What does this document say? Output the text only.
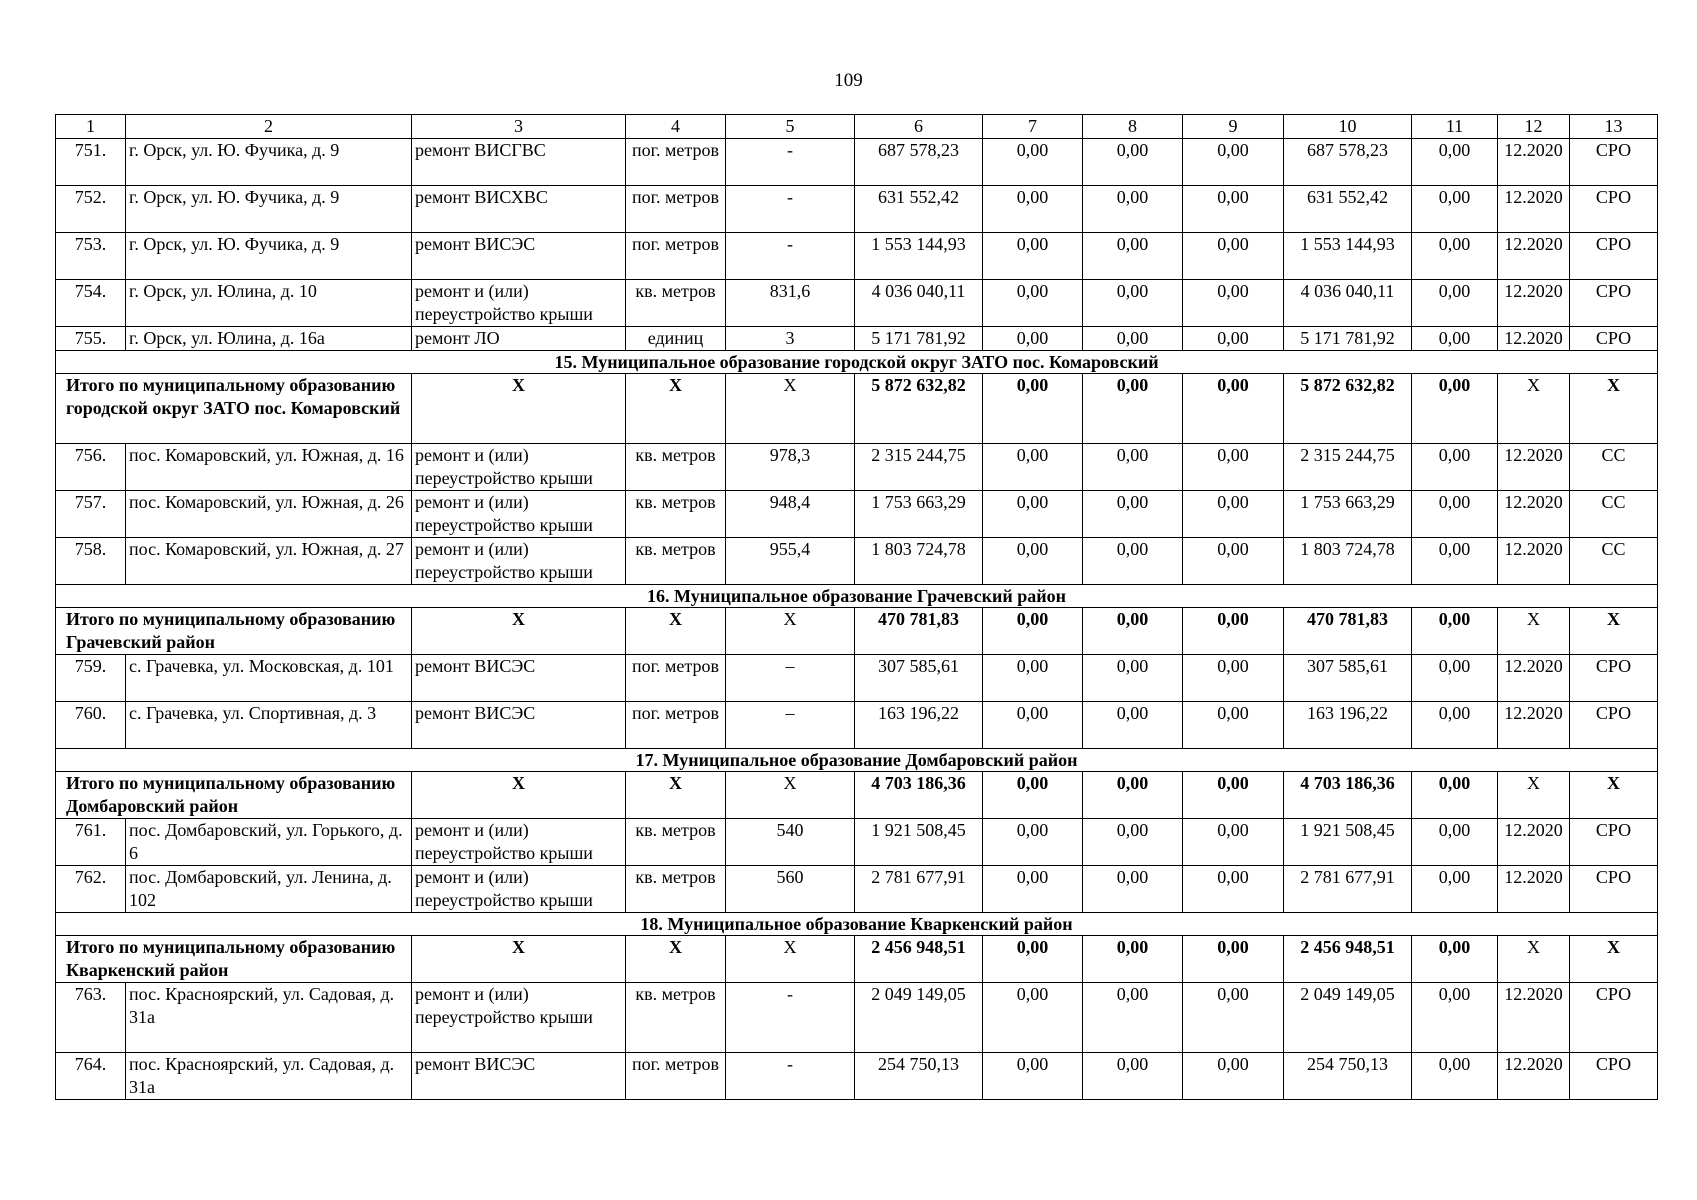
109
1	2	3	4	5	6	7	8	9	10	11	12	13
751.	г. Орск, ул. Ю. Фучика, д. 9	ремонт ВИСГВС	пог. метров	-	687 578,23	0,00	0,00	0,00	687 578,23	0,00	12.2020	СРО
752.	г. Орск, ул. Ю. Фучика, д. 9	ремонт ВИСХВС	пог. метров	-	631 552,42	0,00	0,00	0,00	631 552,42	0,00	12.2020	СРО
753.	г. Орск, ул. Ю. Фучика, д. 9	ремонт ВИСЭС	пог. метров	-	1 553 144,93	0,00	0,00	0,00	1 553 144,93	0,00	12.2020	СРО
754.	г. Орск, ул. Юлина, д. 10	ремонт и (или) переустройство крыши	кв. метров	831,6	4 036 040,11	0,00	0,00	0,00	4 036 040,11	0,00	12.2020	СРО
755.	г. Орск, ул. Юлина, д. 16а	ремонт ЛО	единиц	3	5 171 781,92	0,00	0,00	0,00	5 171 781,92	0,00	12.2020	СРО
15. Муниципальное образование городской округ ЗАТО пос. Комаровский												
Итого по муниципальному образованию городской округ ЗАТО пос. Комаровский		X	X	X	5 872 632,82	0,00	0,00	0,00	5 872 632,82	0,00	X	X
756.	пос. Комаровский, ул. Южная, д. 16	ремонт и (или) переустройство крыши	кв. метров	978,3	2 315 244,75	0,00	0,00	0,00	2 315 244,75	0,00	12.2020	СС
757.	пос. Комаровский, ул. Южная, д. 26	ремонт и (или) переустройство крыши	кв. метров	948,4	1 753 663,29	0,00	0,00	0,00	1 753 663,29	0,00	12.2020	СС
758.	пос. Комаровский, ул. Южная, д. 27	ремонт и (или) переустройство крыши	кв. метров	955,4	1 803 724,78	0,00	0,00	0,00	1 803 724,78	0,00	12.2020	СС
16. Муниципальное образование Грачевский район												
Итого по муниципальному образованию Грачевский район		X	X	X	470 781,83	0,00	0,00	0,00	470 781,83	0,00	X	X
759.	с. Грачевка, ул. Московская, д. 101	ремонт ВИСЭС	пог. метров	–	307 585,61	0,00	0,00	0,00	307 585,61	0,00	12.2020	СРО
760.	с. Грачевка, ул. Спортивная, д. 3	ремонт ВИСЭС	пог. метров	–	163 196,22	0,00	0,00	0,00	163 196,22	0,00	12.2020	СРО
17. Муниципальное образование Домбаровский район												
Итого по муниципальному образованию Домбаровский район		X	X	X	4 703 186,36	0,00	0,00	0,00	4 703 186,36	0,00	X	X
761.	пос. Домбаровский, ул. Горького, д. 6	ремонт и (или) переустройство крыши	кв. метров	540	1 921 508,45	0,00	0,00	0,00	1 921 508,45	0,00	12.2020	СРО
762.	пос. Домбаровский, ул. Ленина, д. 102	ремонт и (или) переустройство крыши	кв. метров	560	2 781 677,91	0,00	0,00	0,00	2 781 677,91	0,00	12.2020	СРО
18. Муниципальное образование Кваркенский район												
Итого по муниципальному образованию Кваркенский район		X	X	X	2 456 948,51	0,00	0,00	0,00	2 456 948,51	0,00	X	X
763.	пос. Красноярский, ул. Садовая, д. 31а	ремонт и (или) переустройство крыши	кв. метров	-	2 049 149,05	0,00	0,00	0,00	2 049 149,05	0,00	12.2020	СРО
764.	пос. Красноярский, ул. Садовая, д. 31а	ремонт ВИСЭС	пог. метров	-	254 750,13	0,00	0,00	0,00	254 750,13	0,00	12.2020	СРО
